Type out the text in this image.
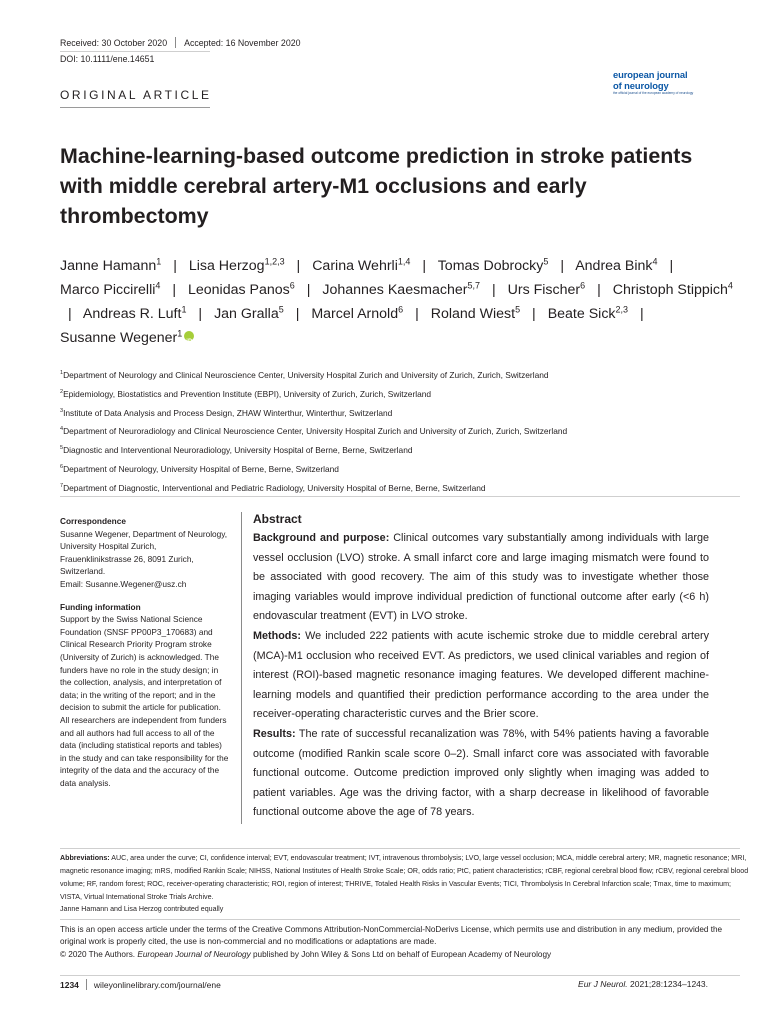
Received: 30 October 2020 Accepted: 16 November 2020
DOI: 10.1111/ene.14651
european journal
of neurology
the official journal of the european academy of neurology
ORIGINAL ARTICLE
Machine-learning-based outcome prediction in stroke patients with middle cerebral artery-M1 occlusions and early thrombectomy
Janne Hamann$^1$ | Lisa Herzog$^{1,2,3}$ | Carina Wehrli$^{1,4}$ | Tomas Dobrocky$^5$ | Andrea Bink$^4$ | Marco Piccirelli$^4$ | Leonidas Panos$^6$ | Johannes Kaesmacher$^{5,7}$ | Urs Fischer$^6$ | Christoph Stippich$^4$ | Andreas R. Luft$^1$ | Jan Gralla$^5$ | Marcel Arnold$^6$ | Roland Wiest$^5$ | Beate Sick$^{2,3}$ | Susanne Wegener$^1$
iD
$^1$Department of Neurology and Clinical Neuroscience Center, University Hospital Zurich and University of Zurich, Zurich, Switzerland
$^2$Epidemiology, Biostatistics and Prevention Institute (EBPI), University of Zurich, Zurich, Switzerland
$^3$Institute of Data Analysis and Process Design, ZHAW Winterthur, Winterthur, Switzerland
$^4$Department of Neuroradiology and Clinical Neuroscience Center, University Hospital Zurich and University of Zurich, Zurich, Switzerland
$^5$Diagnostic and Interventional Neuroradiology, University Hospital of Berne, Berne, Switzerland
$^6$Department of Neurology, University Hospital of Berne, Berne, Switzerland
$^7$Department of Diagnostic, Interventional and Pediatric Radiology, University Hospital of Berne, Berne, Switzerland
Correspondence
Susanne Wegener, Department of Neurology, University Hospital Zurich, Frauenklinikstrasse 26, 8091 Zurich, Switzerland.
Email: Susanne.Wegener@usz.ch
Funding information
Support by the Swiss National Science Foundation (SNSF PP00P3_170683) and Clinical Research Priority Program stroke (University of Zurich) is acknowledged. The funders have no role in the study design; in the collection, analysis, and interpretation of data; in the writing of the report; and in the decision to submit the article for publication. All researchers are independent from funders and all authors had full access to all of the data (including statistical reports and tables) in the study and can take responsibility for the integrity of the data and the accuracy of the data analysis.
Abstract

Background and purpose: Clinical outcomes vary substantially among individuals with large vessel occlusion (LVO) stroke. A small infarct core and large imaging mismatch were found to be associated with good recovery. The aim of this study was to investigate whether those imaging variables would improve individual prediction of functional outcome after early (<6 h) endovascular treatment (EVT) in LVO stroke.

Methods: We included 222 patients with acute ischemic stroke due to middle cerebral artery (MCA)-M1 occlusion who received EVT. As predictors, we used clinical variables and region of interest (ROI)-based magnetic resonance imaging features. We developed different machine-learning models and quantified their prediction performance according to the area under the receiver-operating characteristic curves and the Brier score.

Results: The rate of successful recanalization was 78%, with 54% patients having a favorable outcome (modified Rankin scale score 0–2). Small infarct core was associated with favorable functional outcome. Outcome prediction improved only slightly when imaging was added to patient variables. Age was the driving factor, with a sharp decrease in likelihood of favorable functional outcome above the age of 78 years.

Abbreviations: AUC, area under the curve; CI, confidence interval; EVT, endovascular treatment; IVT, intravenous thrombolysis; LVO, large vessel occlusion; MCA, middle cerebral artery; MR, magnetic resonance; MRI, magnetic resonance imaging; mRS, modified Rankin Scale; NIHSS, National Institutes of Health Stroke Scale; OR, odds ratio; PtC, patient characteristics; rCBF, regional cerebral blood flow; rCBV, regional cerebral blood volume; RF, random forest; ROC, receiver-operating characteristic; ROI, region of interest; THRIVE, Totaled Health Risks in Vascular Events; TICI, Thrombolysis In Cerebral Infarction scale; Tmax, time to maximum; VISTA, Virtual International Stroke Trials Archive.
Janne Hamann and Lisa Herzog contributed equally
This is an open access article under the terms of the Creative Commons Attribution-NonCommercial-NoDerivs License, which permits use and distribution in any medium, provided the original work is properly cited, the use is non-commercial and no modifications or adaptations are made.
© 2020 The Authors. European Journal of Neurology published by John Wiley & Sons Ltd on behalf of European Academy of Neurology
1234 wileyonlinelibrary.com/journal/ene	Eur J Neurol. 2021;28:1234–1243.
